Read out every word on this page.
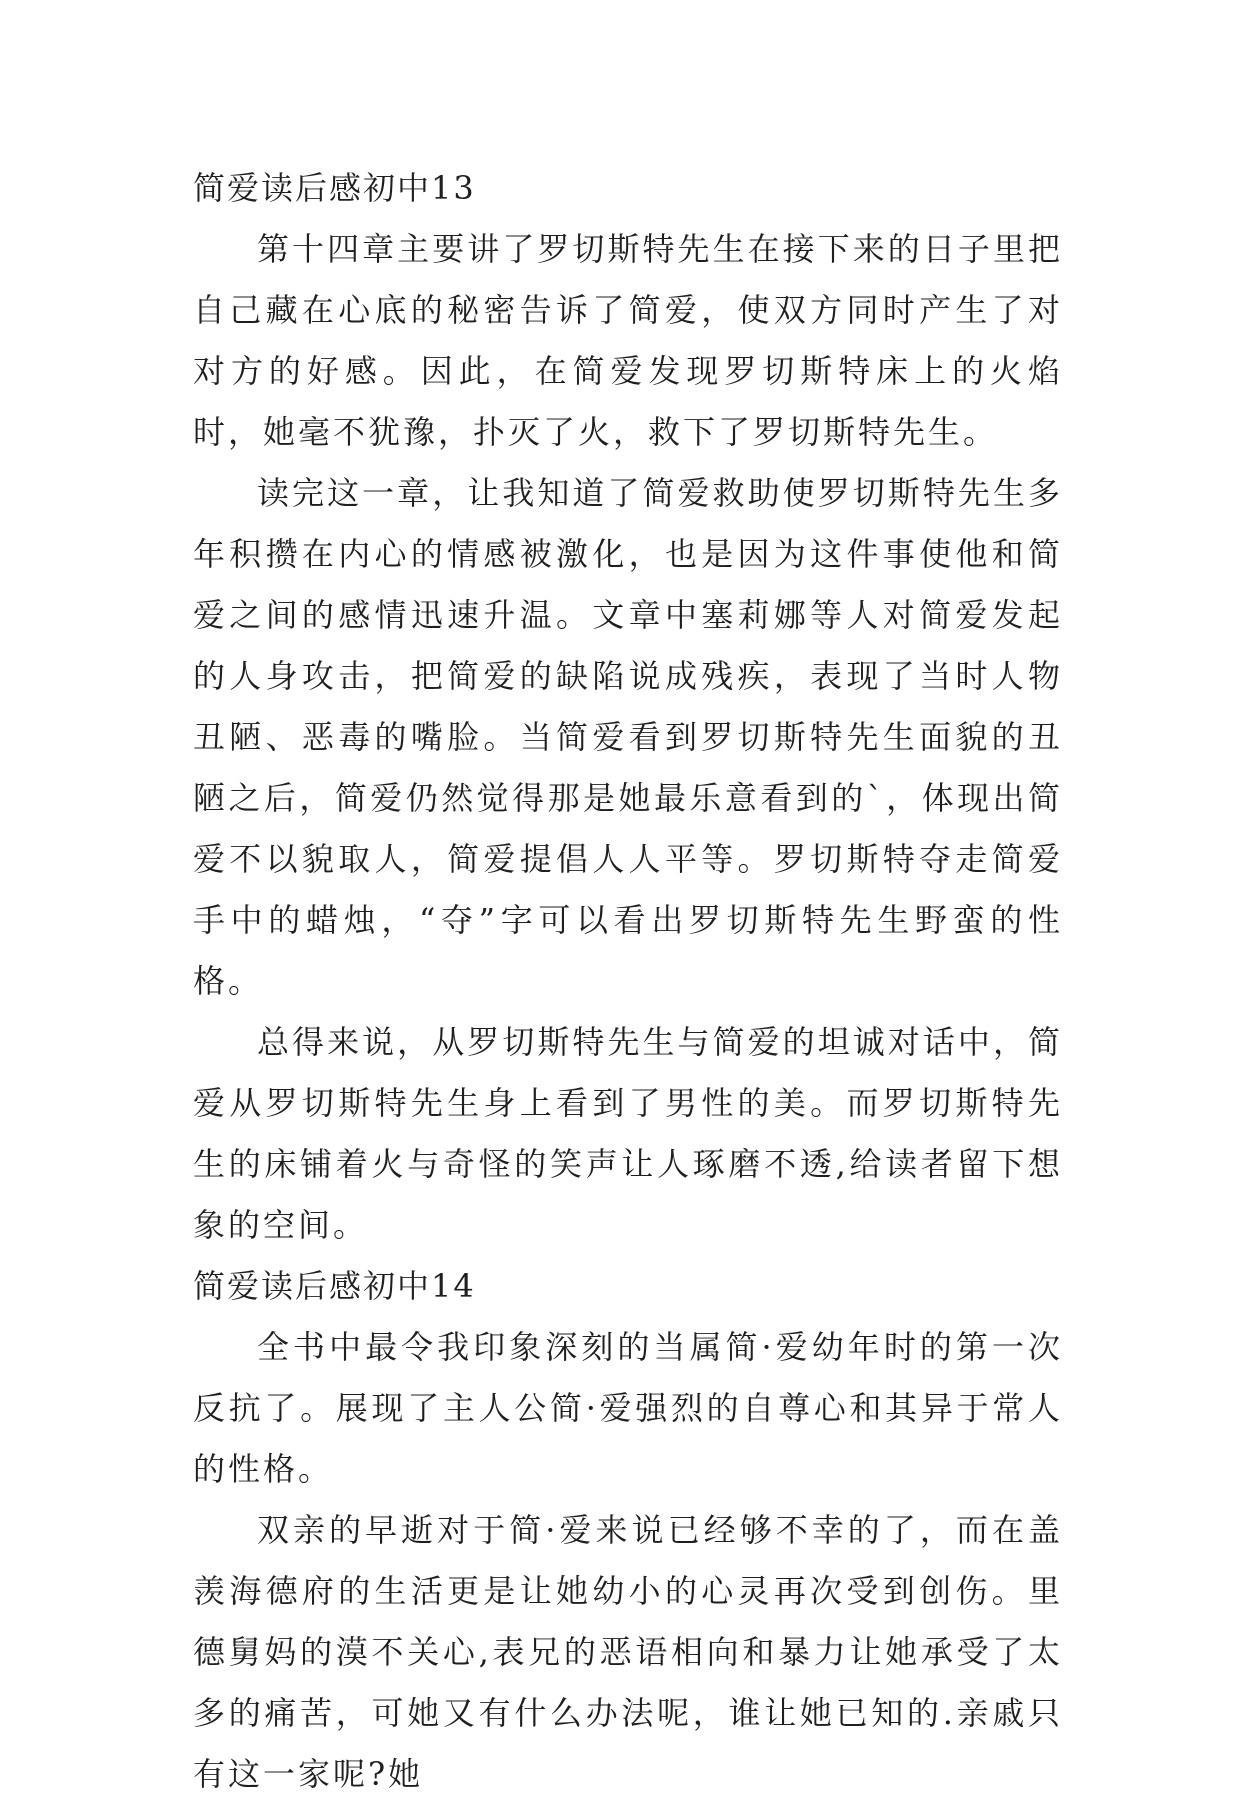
简爱读后感初中13

第十四章主要讲了罗切斯特先生在接下来的日子里把自己藏在心底的秘密告诉了简爱，使双方同时产生了对对方的好感。因此，在简爱发现罗切斯特床上的火焰时，她毫不犹豫，扑灭了火，救下了罗切斯特先生。

读完这一章，让我知道了简爱救助使罗切斯特先生多年积攒在内心的情感被激化，也是因为这件事使他和简爱之间的感情迅速升温。文章中塞莉娜等人对简爱发起的人身攻击，把简爱的缺陷说成残疾，表现了当时人物丑陋、恶毒的嘴脸。当简爱看到罗切斯特先生面貌的丑陋之后，简爱仍然觉得那是她最乐意看到的`，体现出简爱不以貌取人，简爱提倡人人平等。罗切斯特夺走简爱手中的蜡烛，“夺”字可以看出罗切斯特先生野蛮的性格。

总得来说，从罗切斯特先生与简爱的坦诚对话中，简爱从罗切斯特先生身上看到了男性的美。而罗切斯特先生的床铺着火与奇怪的笑声让人琢磨不透,给读者留下想象的空间。

简爱读后感初中14

全书中最令我印象深刻的当属简·爱幼年时的第一次反抗了。展现了主人公简·爱强烈的自尊心和其异于常人的性格。

双亲的早逝对于简·爱来说已经够不幸的了，而在盖羡海德府的生活更是让她幼小的心灵再次受到创伤。里德舅妈的漠不关心,表兄的恶语相向和暴力让她承受了太多的痛苦，可她又有什么办法呢，谁让她已知的.亲戚只有这一家呢?她
